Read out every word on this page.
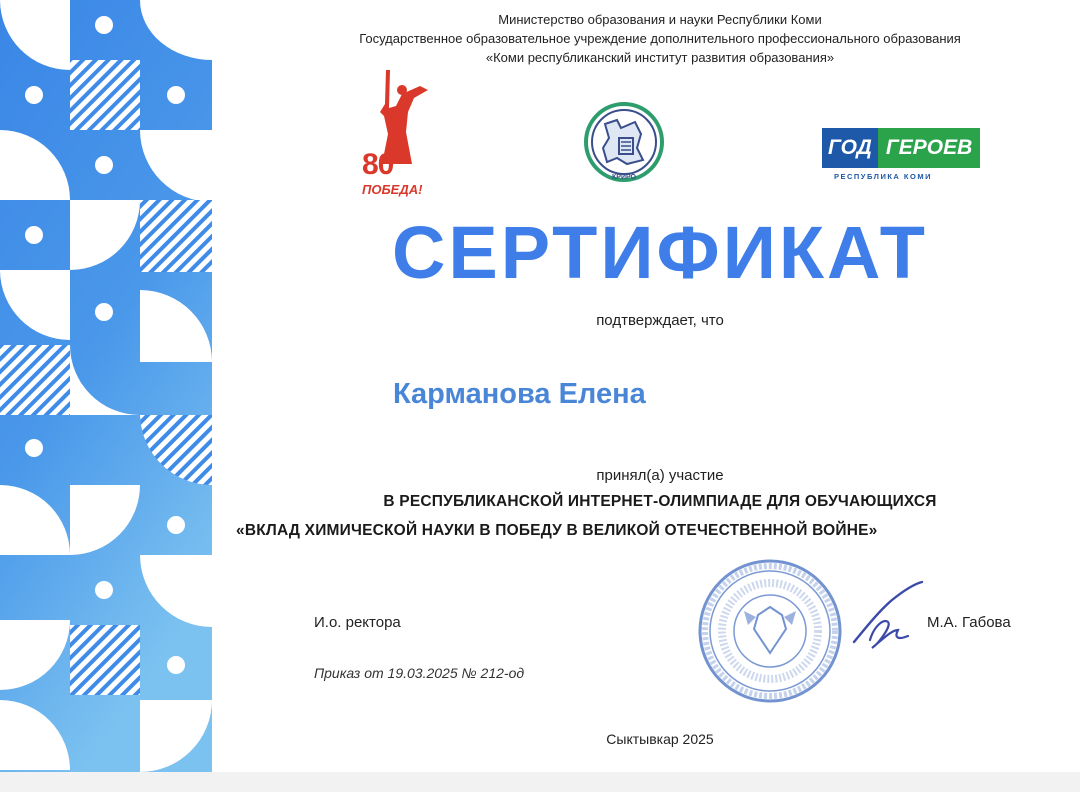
Министерство образования и науки Республики Коми
Государственное образовательное учреждение дополнительного профессионального образования
«Коми республиканский институт развития образования»
80
ПОБЕДА!
КРИРО
ГОД ГЕРОЕВ
РЕСПУБЛИКА КОМИ
СЕРТИФИКАТ
подтверждает, что
Карманова Елена
принял(а) участие
В РЕСПУБЛИКАНСКОЙ ИНТЕРНЕТ-ОЛИМПИАДЕ ДЛЯ ОБУЧАЮЩИХСЯ
«ВКЛАД ХИМИЧЕСКОЙ НАУКИ В ПОБЕДУ В ВЕЛИКОЙ ОТЕЧЕСТВЕННОЙ ВОЙНЕ»
И.о. ректора	М.А. Габова
Приказ от 19.03.2025 № 212-од
Сыктывкар 2025
